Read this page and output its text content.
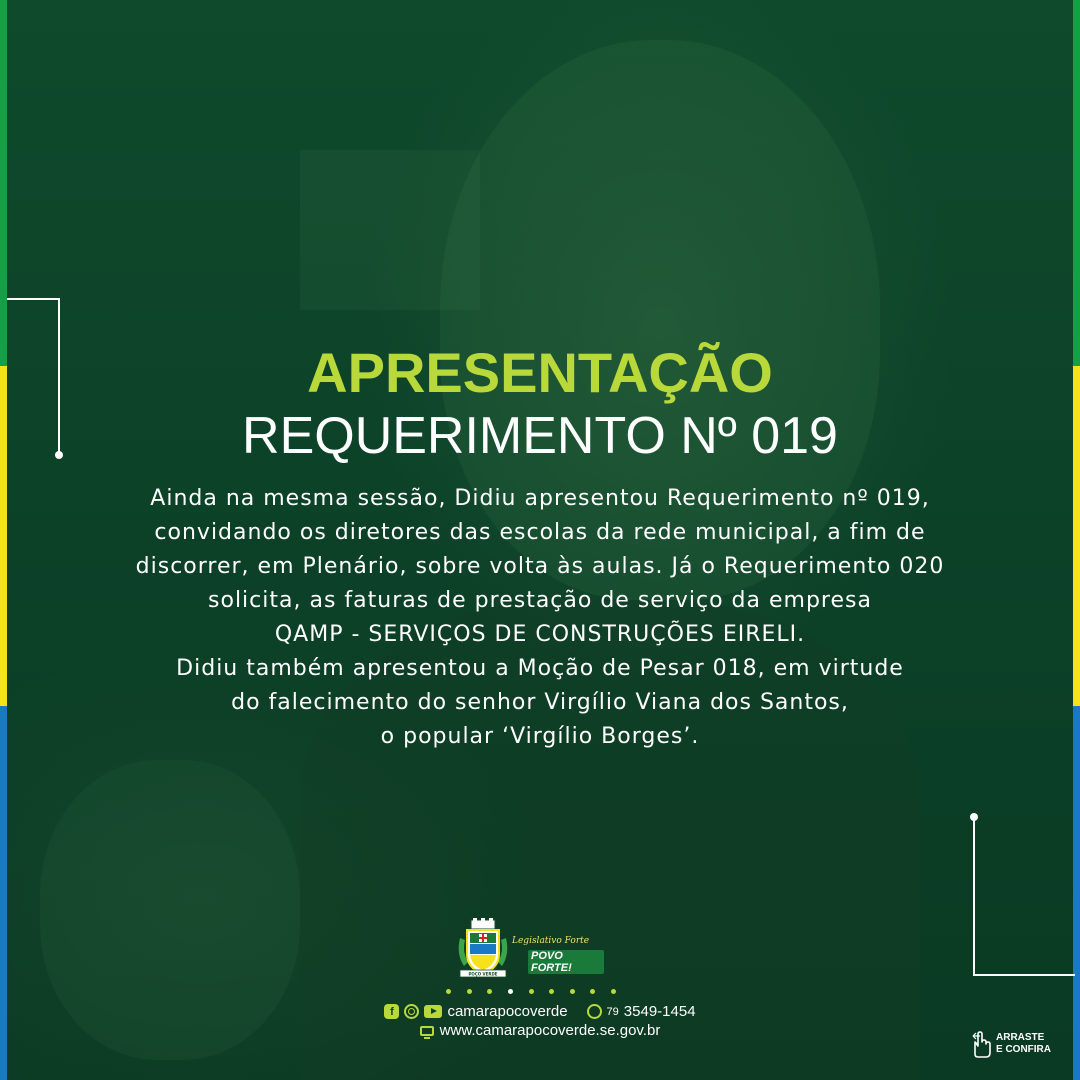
APRESENTAÇÃO
REQUERIMENTO Nº 019
Ainda na mesma sessão, Didiu apresentou Requerimento nº 019,
convidando os diretores das escolas da rede municipal, a fim de
discorrer, em Plenário, sobre volta às aulas. Já o Requerimento 020
solicita, as faturas de prestação de serviço da empresa
QAMP - SERVIÇOS DE CONSTRUÇÕES EIRELI.
Didiu também apresentou a Moção de Pesar 018, em virtude
do falecimento do senhor Virgílio Viana dos Santos,
o popular ‘Virgílio Borges’.
POÇO VERDE
Legislativo Forte
POVO FORTE!
f	camarapocoverde	79 3549-1454
www.camarapocoverde.se.gov.br	ARRASTE
E CONFIRA
